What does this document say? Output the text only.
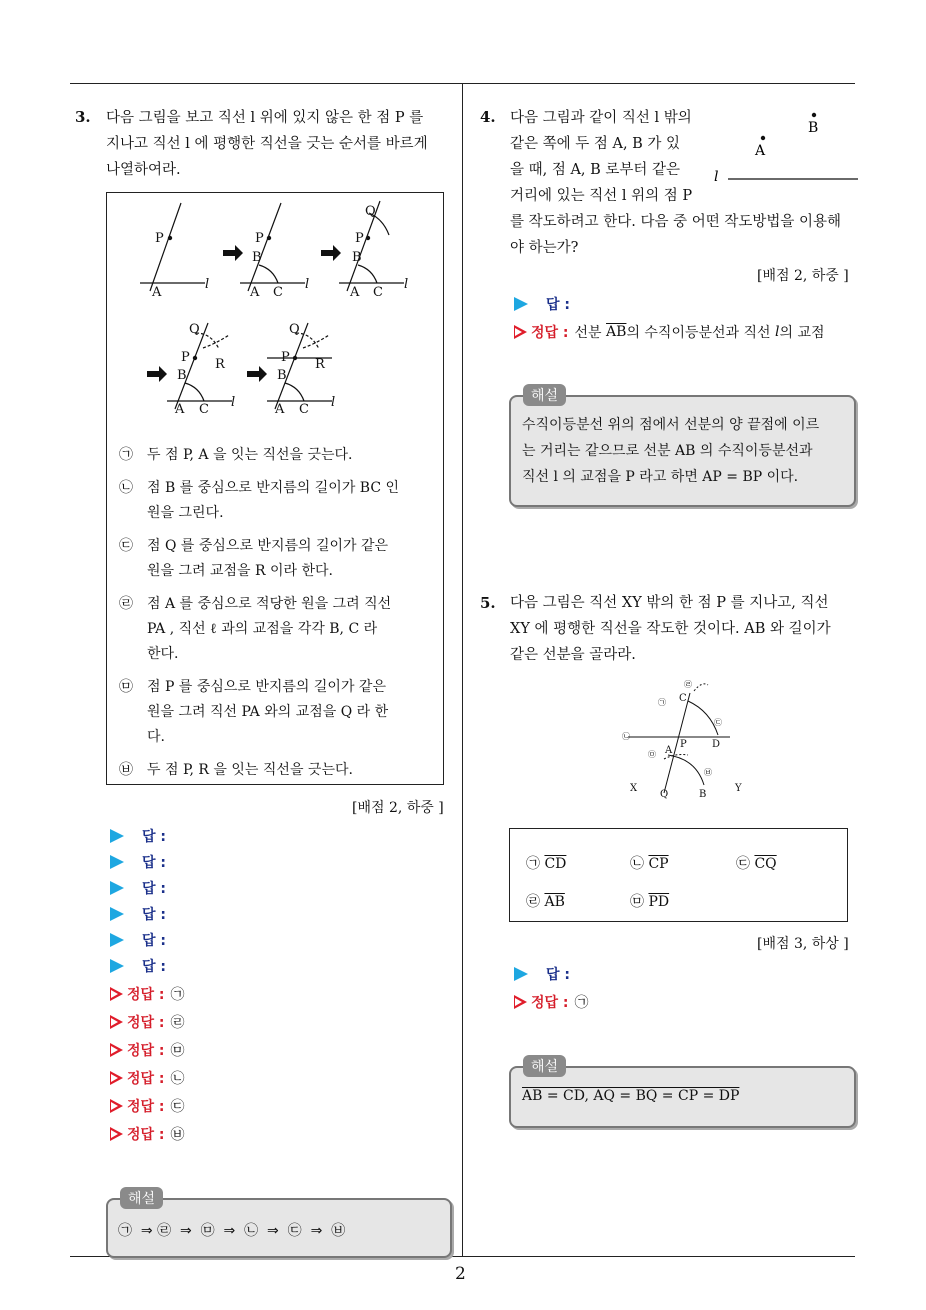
2
3. 다음 그림을 보고 직선 l 위에 있지 않은 한 점 P 를
지나고 직선 l 에 평행한 직선을 긋는 순서를 바르게
나열하여라.
P
A
l
P
B
A C
l
Q
P
B
A C
l
Q
P R
B
A C l
Q
P R
B
A C l
㉠	두 점 P, A 을 잇는 직선을 긋는다.
㉡	점 B 를 중심으로 반지름의 길이가 BC 인
원을 그린다.
㉢	점 Q 를 중심으로 반지름의 길이가 같은
원을 그려 교점을 R 이라 한다.
㉣	점 A 를 중심으로 적당한 원을 그려 직선
PA , 직선 ℓ 과의 교점을 각각 B, C 라
한다.
㉤	점 P 를 중심으로 반지름의 길이가 같은
원을 그려 직선 PA 와의 교점을 Q 라 한
다.
㉥	두 점 P, R 을 잇는 직선을 긋는다.
[배점 2, 하중 ]
답 :
답 :
답 :
답 :
답 :
답 :
정답 : ㉠
정답 : ㉣
정답 : ㉤
정답 : ㉡
정답 : ㉢
정답 : ㉥
해설
㉠  ⇒ ㉣  ⇒  ㉤  ⇒  ㉡  ⇒  ㉢  ⇒  ㉥
4. 다음 그림과 같이 직선 l 밖의
같은 쪽에 두 점 A, B 가 있
을 때, 점 A, B 로부터 같은
거리에 있는 직선 l 위의 점 P
를 작도하려고 한다. 다음 중 어떤 작도방법을 이용해
야 하는가?
B
A
l
[배점 2, 하중 ]
답 :
정답 : 선분 $\overline{AB}$ 의 수직이등분선과 직선 l 의 교점
해설
수직이등분선 위의 점에서 선분의 양 끝점에 이르
는 거리는 같으므로 선분 AB 의 수직이등분선과
직선 l 의 교점을 P 라고 하면 AP = BP 이다.
5. 다음 그림은 직선 XY 밖의 한 점 P 를 지나고, 직선
XY 에 평행한 직선을 작도한 것이다. AB 와 길이가
같은 선분을 골라라.
C
P	D
A
X
Q	B
Y
㉣
㉠
㉢
㉡
㉤
㉥
㉠ $\overline{CD}$	㉡ $\overline{CP}$	㉢ $\overline{CQ}$
㉣ $\overline{AB}$	㉤ $\overline{PD}$
[배점 3, 하상 ]
답 :
정답 : ㉠
해설
AB = CD, AQ = BQ = CP = DP
